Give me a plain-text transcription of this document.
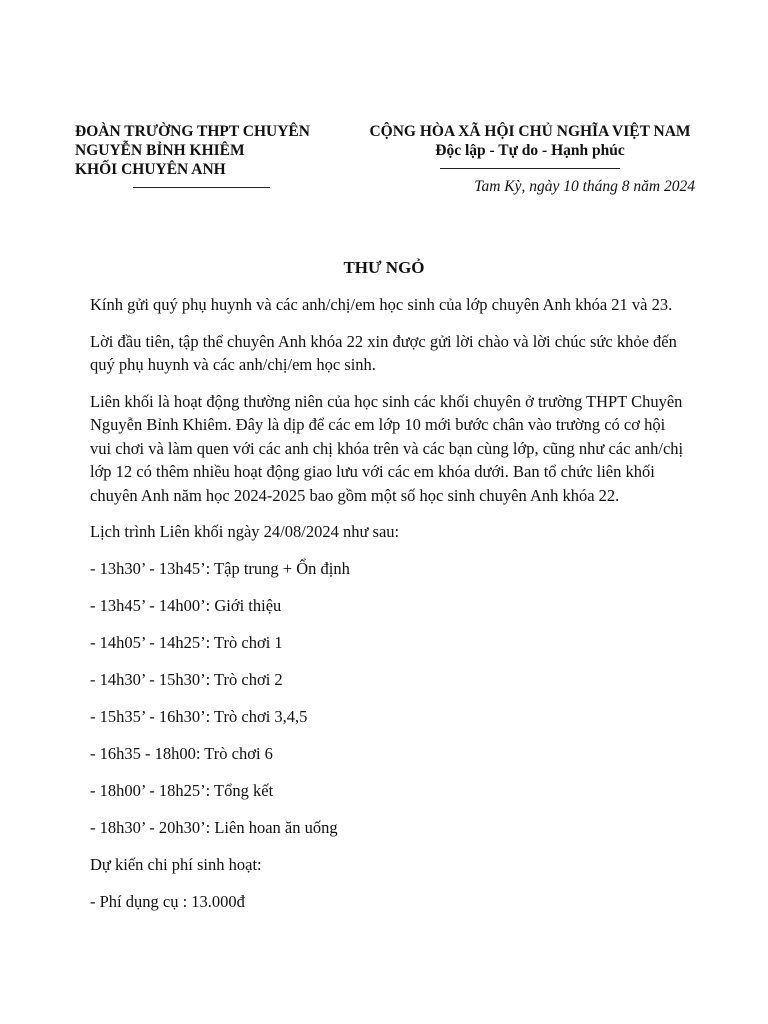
ĐOÀN TRƯỜNG THPT CHUYÊN
NGUYỄN BỈNH KHIÊM
KHỐI CHUYÊN ANH
CỘNG HÒA XÃ HỘI CHỦ NGHĨA VIỆT NAM
Độc lập - Tự do - Hạnh phúc
Tam Kỳ, ngày 10 tháng 8 năm 2024
THƯ NGỎ

Kính gửi quý phụ huynh và các anh/chị/em học sinh của lớp chuyên Anh khóa 21 và 23.

Lời đầu tiên, tập thể chuyên Anh khóa 22 xin được gửi lời chào và lời chúc sức khỏe đến quý phụ huynh và các anh/chị/em học sinh.

Liên khối là hoạt động thường niên của học sinh các khối chuyên ở trường THPT Chuyên Nguyễn Bỉnh Khiêm. Đây là dịp để các em lớp 10 mới bước chân vào trường có cơ hội vui chơi và làm quen với các anh chị khóa trên và các bạn cùng lớp, cũng như các anh/chị lớp 12 có thêm nhiều hoạt động giao lưu với các em khóa dưới. Ban tổ chức liên khối chuyên Anh năm học 2024-2025 bao gồm một số học sinh chuyên Anh khóa 22.

Lịch trình Liên khối ngày 24/08/2024 như sau:

- 13h30’ - 13h45’: Tập trung + Ổn định
- 13h45’ - 14h00’: Giới thiệu
- 14h05’ - 14h25’: Trò chơi 1
- 14h30’ - 15h30’: Trò chơi 2
- 15h35’ - 16h30’: Trò chơi 3,4,5
- 16h35 - 18h00: Trò chơi 6
- 18h00’ - 18h25’: Tổng kết
- 18h30’ - 20h30’: Liên hoan ăn uống
Dự kiến chi phí sinh hoạt:
- Phí dụng cụ : 13.000đ
